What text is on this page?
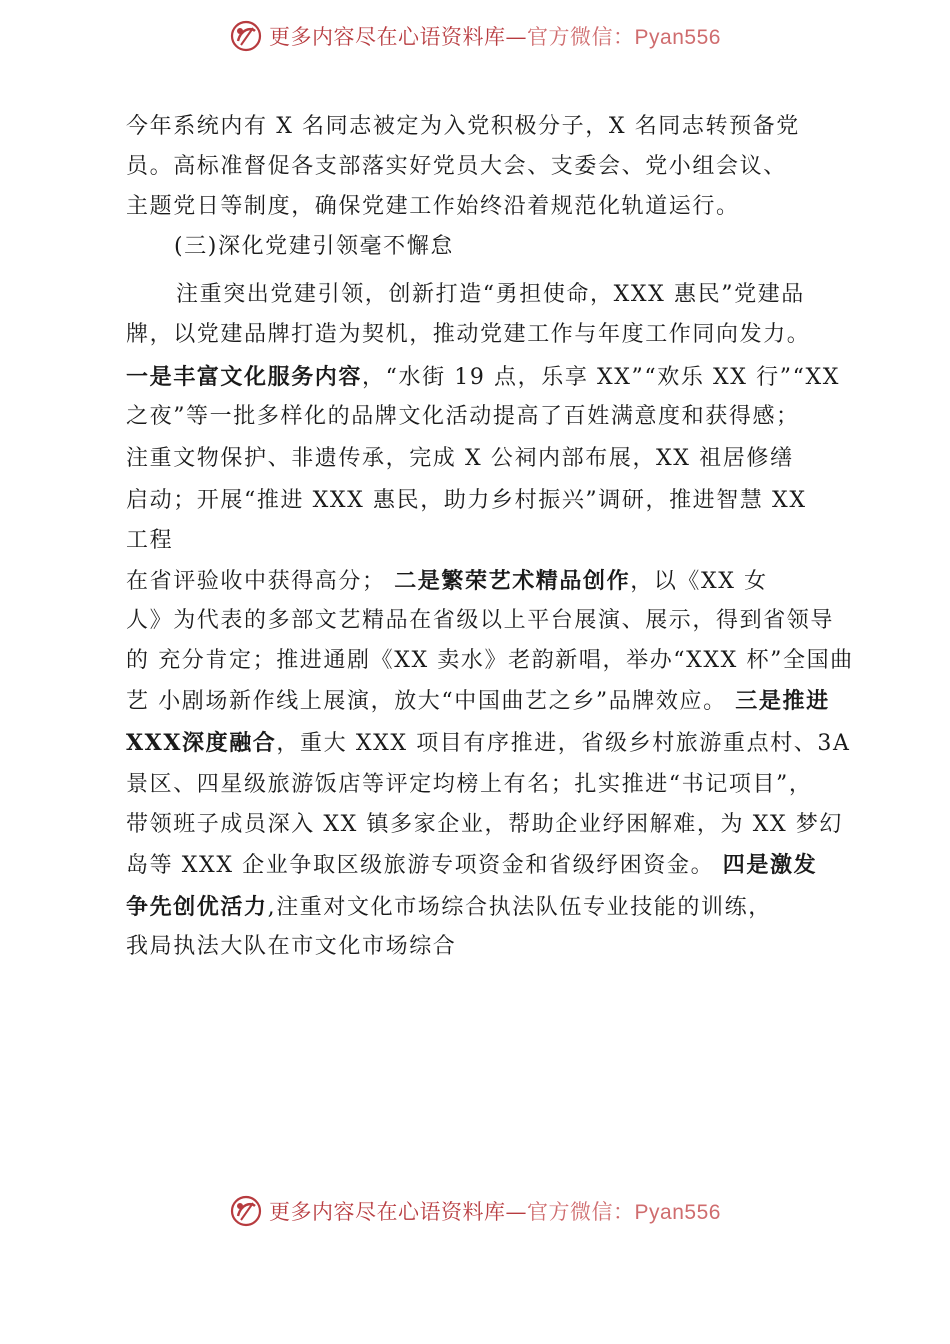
更多内容尽在心语资料库—官方微信：Pyan556
今年系统内有 X 名同志被定为入党积极分子，X 名同志转预备党
员。高标准督促各支部落实好党员大会、支委会、党小组会议、
主题党日等制度，确保党建工作始终沿着规范化轨道运行。
(三)深化党建引领毫不懈怠
注重突出党建引领，创新打造“勇担使命，XXX 惠民”党建品
牌，以党建品牌打造为契机，推动党建工作与年度工作同向发力。
一是丰富文化服务内容，“水街 19 点，乐享 XX”“欢乐 XX 行”“XX
之夜”等一批多样化的品牌文化活动提高了百姓满意度和获得感；
注重文物保护、非遗传承，完成 X 公祠内部布展，XX 祖居修缮
启动；开展“推进 XXX 惠民，助力乡村振兴”调研，推进智慧 XX
工程
在省评验收中获得高分； 二是繁荣艺术精品创作，以《XX 女
人》为代表的多部文艺精品在省级以上平台展演、展示，得到省领导
的 充分肯定；推进通剧《XX 卖水》老韵新唱，举办“XXX 杯”全国曲
艺 小剧场新作线上展演，放大“中国曲艺之乡”品牌效应。 三是推进
XXX深度融合，重大 XXX 项目有序推进，省级乡村旅游重点村、3A
景区、四星级旅游饭店等评定均榜上有名；扎实推进“书记项目”，
带领班子成员深入 XX 镇多家企业，帮助企业纾困解难，为 XX 梦幻
岛等 XXX 企业争取区级旅游专项资金和省级纾困资金。 四是激发
争先创优活力,注重对文化市场综合执法队伍专业技能的训练，
我局执法大队在市文化市场综合
更多内容尽在心语资料库—官方微信：Pyan556
